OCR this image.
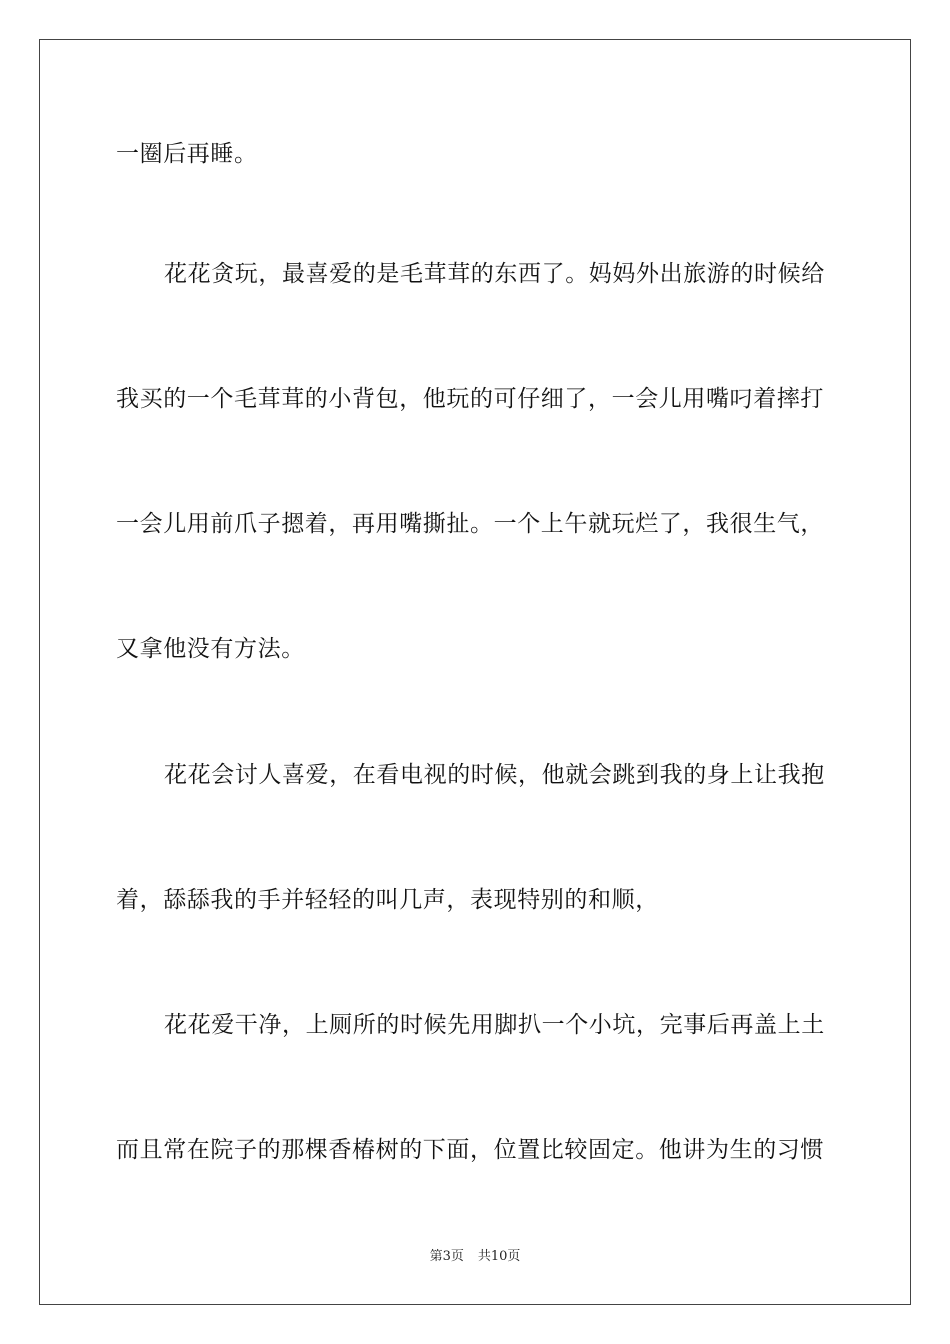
一圈后再睡。
花花贪玩，最喜爱的是毛茸茸的东西了。妈妈外出旅游的时候给
我买的一个毛茸茸的小背包，他玩的可仔细了，一会儿用嘴叼着摔打
一会儿用前爪子摁着，再用嘴撕扯。一个上午就玩烂了，我很生气，
又拿他没有方法。
花花会讨人喜爱，在看电视的时候，他就会跳到我的身上让我抱
着，舔舔我的手并轻轻的叫几声，表现特别的和顺，
花花爱干净，上厕所的时候先用脚扒一个小坑，完事后再盖上土
而且常在院子的那棵香椿树的下面，位置比较固定。他讲为生的习惯
第3页 共10页
